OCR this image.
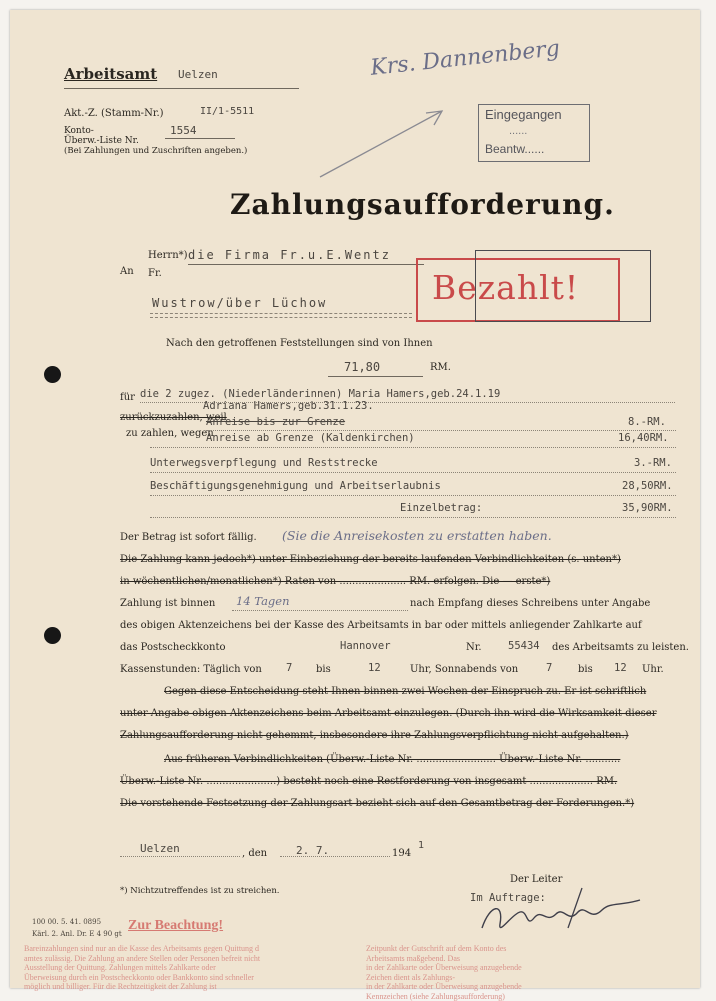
Arbeitsamt Uelzen
Akt.-Z. (Stamm-Nr.)	II/1-5511
Konto-
Überw.-Liste Nr.
1554
(Bei Zahlungen und Zuschriften angeben.)
Krs. Dannenberg
Eingegangen
......
Beantw......
Zahlungsaufforderung.
An
Herrn*)
Fr.
die Firma Fr.u.E.Wentz
Wustrow/über Lüchow	Bezahlt!
Nach den getroffenen Feststellungen sind von Ihnen
71,80	RM.
für die 2 zugez. (Niederländerinnen) Maria Hamers,geb.24.1.19
Adriana Hamers,geb.31.1.23.
zurückzuzahlen, weil
zu zahlen, wegen
Anreise bis zur Grenze	8.-RM.
Anreise ab Grenze (Kaldenkirchen)	16,40RM.
Unterwegsverpflegung und Reststrecke	3.-RM.
Beschäftigungsgenehmigung und Arbeitserlaubnis	28,50RM.
Einzelbetrag:	35,90RM.
Der Betrag ist sofort fällig. (Sie die Anreisekosten zu erstatten haben.
Die Zahlung kann jedoch*) unter Einbeziehung der bereits laufenden Verbindlichkeiten (s. unten*)
in wöchentlichen/monatlichen*) Raten von ..................... RM. erfolgen. Die — erste*)
Zahlung ist binnen 14 Tagen	nach Empfang dieses Schreibens unter Angabe
des obigen Aktenzeichens bei der Kasse des Arbeitsamts in bar oder mittels anliegender Zahlkarte auf
das Postscheckkonto	Hannover	Nr.	55434 des Arbeitsamts zu leisten.
Kassenstunden: Täglich von 7 bis	12	Uhr, Sonnabends von	7	bis 12 Uhr.
Gegen diese Entscheidung steht Ihnen binnen zwei Wochen der Einspruch zu. Er ist schriftlich
unter Angabe obigen Aktenzeichens beim Arbeitsamt einzulegen. (Durch ihn wird die Wirksamkeit dieser
Zahlungsaufforderung nicht gehemmt, insbesondere ihre Zahlungsverpflichtung nicht aufgehalten.)
Aus früheren Verbindlichkeiten (Überw.-Liste Nr. ......................... Überw.-Liste Nr. ...........
Überw.-Liste Nr. ......................) besteht noch eine Restforderung von insgesamt .................... RM.
Die vorstehende Festsetzung der Zahlungsart bezieht sich auf den Gesamtbetrag der Forderungen.*)
Uelzen	, den	2. 7.	194
1
Der Leiter
Im Auftrage:
Zur Beachtung!
Bareinzahlungen sind nur an die Kasse des Arbeitsamts gegen Quittung d
amtes zulässig. Die Zahlung an andere Stellen oder Personen befreit nicht
Ausstellung der Quittung. Zahlungen mittels Zahlkarte oder
Überweisung durch ein Postscheckkonto oder Bankkonto sind schneller
möglich und billiger. Für die Rechtzeitigkeit der Zahlung ist
Zeitpunkt der Gutschrift auf dem Konto des Arbeitsamts maßgebend. Das
in der Zahlkarte oder Überweisung anzugebende Zeichen dient als Zahlungs-
in der Zahlkarte oder Überweisung anzugebende Kennzeichen (siehe Zahlungsaufforderung)
*) Nichtzutreffendes ist zu streichen.
100 00. 5. 41. 0895
Kärl. 2. Anl. Dr. E 4 90 gt
